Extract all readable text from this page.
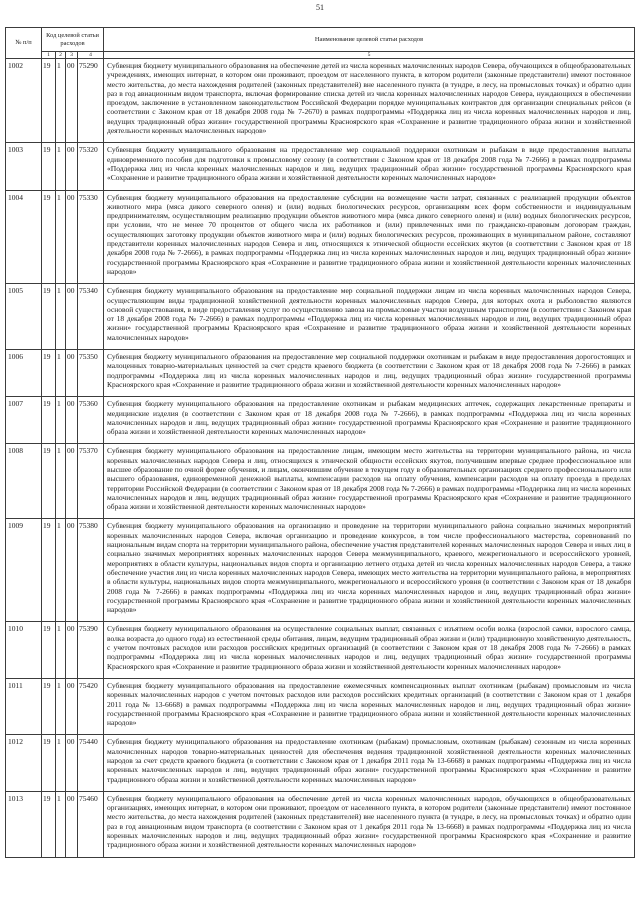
51
№ п/п	Код целевой статьи расходов				Наименование целевой статьи расходов
	1	2	3	4	5
1002	19	1	00	75290	Субвенция бюджету муниципального образования на обеспечение детей из числа коренных малочисленных народов Севера, обучающихся в общеобразовательных учреждениях, имеющих интернат, в котором они проживают, проездом от населенного пункта, в котором родители (законные представители) имеют постоянное место жительства, до места нахождения родителей (законных представителей) вне населенного пункта (в тундре, в лесу, на промысловых точках) и обратно один раз в год авиационным видом транспорта, включая формирование списка детей из числа коренных малочисленных народов Севера, нуждающихся в обеспечении проездом, заключение в установленном законодательством Российской Федерации порядке муниципальных контрактов для организации специальных рейсов (в соответствии с Законом края от 18 декабря 2008 года № 7-2670) в рамках подпрограммы «Поддержка лиц из числа коренных малочисленных народов и лиц, ведущих традиционный образ жизни» государственной программы Красноярского края «Сохранение и развитие традиционного образа жизни и хозяйственной деятельности коренных малочисленных народов»
1003	19	1	00	75320	Субвенция бюджету муниципального образования на предоставление мер социальной поддержки охотникам и рыбакам в виде предоставления выплаты единовременного пособия для подготовки к промысловому сезону (в соответствии с Законом края от 18 декабря 2008 года № 7-2666) в рамках подпрограммы «Поддержка лиц из числа коренных малочисленных народов и лиц, ведущих традиционный образ жизни» государственной программы Красноярского края «Сохранение и развитие традиционного образа жизни и хозяйственной деятельности коренных малочисленных народов»
1004	19	1	00	75330	Субвенция бюджету муниципального образования на предоставление субсидии на возмещение части затрат, связанных с реализацией продукции объектов животного мира (мяса дикого северного оленя) и (или) водных биологических ресурсов, организациям всех форм собственности и индивидуальным предпринимателям, осуществляющим реализацию продукции объектов животного мира (мяса дикого северного оленя) и (или) водных биологических ресурсов, при условии, что не менее 70 процентов от общего числа их работников и (или) привлеченных ими по гражданско-правовым договорам граждан, осуществляющих заготовку продукции объектов животного мира и (или) водных биологических ресурсов, проживающих в муниципальном районе, составляют представители коренных малочисленных народов Севера и лиц, относящихся к этнической общности ессейских якутов (в соответствии с Законом края от 18 декабря 2008 года № 7-2666), в рамках подпрограммы «Поддержка лиц из числа коренных малочисленных народов и лиц, ведущих традиционный образ жизни» государственной программы Красноярского края «Сохранение и развитие традиционного образа жизни и хозяйственной деятельности коренных малочисленных народов»
1005	19	1	00	75340	Субвенция бюджету муниципального образования на предоставление мер социальной поддержки лицам из числа коренных малочисленных народов Севера, осуществляющим виды традиционной хозяйственной деятельности коренных малочисленных народов Севера, для которых охота и рыболовство являются основой существования, в виде предоставления услуг по осуществлению завоза на промысловые участки воздушным транспортом (в соответствии с Законом края от 18 декабря 2008 года № 7-2666) в рамках подпрограммы «Поддержка лиц из числа коренных малочисленных народов и лиц, ведущих традиционный образ жизни» государственной программы Красноярского края «Сохранение и развитие традиционного образа жизни и хозяйственной деятельности коренных малочисленных народов»
1006	19	1	00	75350	Субвенция бюджету муниципального образования на предоставление мер социальной поддержки охотникам и рыбакам в виде предоставления дорогостоящих и малоценных товарно-материальных ценностей за счет средств краевого бюджета (в соответствии с Законом края от 18 декабря 2008 года № 7-2666) в рамках подпрограммы «Поддержка лиц из числа коренных малочисленных народов и лиц, ведущих традиционный образ жизни» государственной программы Красноярского края «Сохранение и развитие традиционного образа жизни и хозяйственной деятельности коренных малочисленных народов»
1007	19	1	00	75360	Субвенция бюджету муниципального образования на предоставление охотникам и рыбакам медицинских аптечек, содержащих лекарственные препараты и медицинские изделия (в соответствии с Законом края от 18 декабря 2008 года № 7-2666), в рамках подпрограммы «Поддержка лиц из числа коренных малочисленных народов и лиц, ведущих традиционный образ жизни» государственной программы Красноярского края «Сохранение и развитие традиционного образа жизни и хозяйственной деятельности коренных малочисленных народов»
1008	19	1	00	75370	Субвенция бюджету муниципального образования на предоставление лицам, имеющим место жительства на территории муниципального района, из числа коренных малочисленных народов Севера и лиц, относящихся к этнической общности ессейских якутов, получившим впервые среднее профессиональное или высшее образование по очной форме обучения, и лицам, окончившим обучение в текущем году в образовательных организациях среднего профессионального или высшего образования, единовременной денежной выплаты, компенсации расходов на оплату обучения, компенсации расходов на оплату проезда в пределах территории Российской Федерации (в соответствии с Законом края от 18 декабря 2008 года № 7-2666) в рамках подпрограммы «Поддержка лиц из числа коренных малочисленных народов и лиц, ведущих традиционный образ жизни» государственной программы Красноярского края «Сохранение и развитие традиционного образа жизни и хозяйственной деятельности коренных малочисленных народов»
1009	19	1	00	75380	Субвенция бюджету муниципального образования на организацию и проведение на территории муниципального района социально значимых мероприятий коренных малочисленных народов Севера, включая организацию и проведение конкурсов, в том числе профессионального мастерства, соревнований по национальным видам спорта на территории муниципального района, обеспечение участия представителей коренных малочисленных народов Севера и иных лиц в социально значимых мероприятиях коренных малочисленных народов Севера межмуниципального, краевого, межрегионального и всероссийского уровней, мероприятиях в области культуры, национальных видов спорта и организацию летнего отдыха детей из числа коренных малочисленных народов Севера, а также обеспечение участия лиц из числа коренных малочисленных народов Севера, имеющих место жительства на территории муниципального района, в мероприятиях в области культуры, национальных видов спорта межмуниципального, межрегионального и всероссийского уровня (в соответствии с Законом края от 18 декабря 2008 года № 7-2666) в рамках подпрограммы «Поддержка лиц из числа коренных малочисленных народов и лиц, ведущих традиционный образ жизни» государственной программы Красноярского края «Сохранение и развитие традиционного образа жизни и хозяйственной деятельности коренных малочисленных народов»
1010	19	1	00	75390	Субвенция бюджету муниципального образования на осуществление социальных выплат, связанных с изъятием особи волка (взрослой самки, взрослого самца, волка возраста до одного года) из естественной среды обитания, лицам, ведущим традиционный образ жизни и (или) традиционную хозяйственную деятельность, с учетом почтовых расходов или расходов российских кредитных организаций (в соответствии с Законом края от 18 декабря 2008 года № 7-2666) в рамках подпрограммы «Поддержка лиц из числа коренных малочисленных народов и лиц, ведущих традиционный образ жизни» государственной программы Красноярского края «Сохранение и развитие традиционного образа жизни и хозяйственной деятельности коренных малочисленных народов»
1011	19	1	00	75420	Субвенция бюджету муниципального образования на предоставление ежемесячных компенсационных выплат охотникам (рыбакам) промысловым из числа коренных малочисленных народов с учетом почтовых расходов или расходов российских кредитных организаций (в соответствии с Законом края от 1 декабря 2011 года № 13-6668) в рамках подпрограммы «Поддержка лиц из числа коренных малочисленных народов и лиц, ведущих традиционный образ жизни» государственной программы Красноярского края «Сохранение и развитие традиционного образа жизни и хозяйственной деятельности коренных малочисленных народов»
1012	19	1	00	75440	Субвенция бюджету муниципального образования на предоставление охотникам (рыбакам) промысловым, охотникам (рыбакам) сезонным из числа коренных малочисленных народов товарно-материальных ценностей для обеспечения ведения традиционной хозяйственной деятельности коренных малочисленных народов за счет средств краевого бюджета (в соответствии с Законом края от 1 декабря 2011 года № 13-6668) в рамках подпрограммы «Поддержка лиц из числа коренных малочисленных народов и лиц, ведущих традиционный образ жизни» государственной программы Красноярского края «Сохранение и развитие традиционного образа жизни и хозяйственной деятельности коренных малочисленных народов»
1013	19	1	00	75460	Субвенция бюджету муниципального образования на обеспечение детей из числа коренных малочисленных народов, обучающихся в общеобразовательных организациях, имеющих интернат, в котором они проживают, проездом от населенного пункта, в котором родители (законные представители) имеют постоянное место жительства, до места нахождения родителей (законных представителей) вне населенного пункта (в тундре, в лесу, на промысловых точках) и обратно один раз в год авиационным видом транспорта (в соответствии с Законом края от 1 декабря 2011 года № 13-6668) в рамках подпрограммы «Поддержка лиц из числа коренных малочисленных народов и лиц, ведущих традиционный образ жизни» государственной программы Красноярского края «Сохранение и развитие традиционного образа жизни и хозяйственной деятельности коренных малочисленных народов»
